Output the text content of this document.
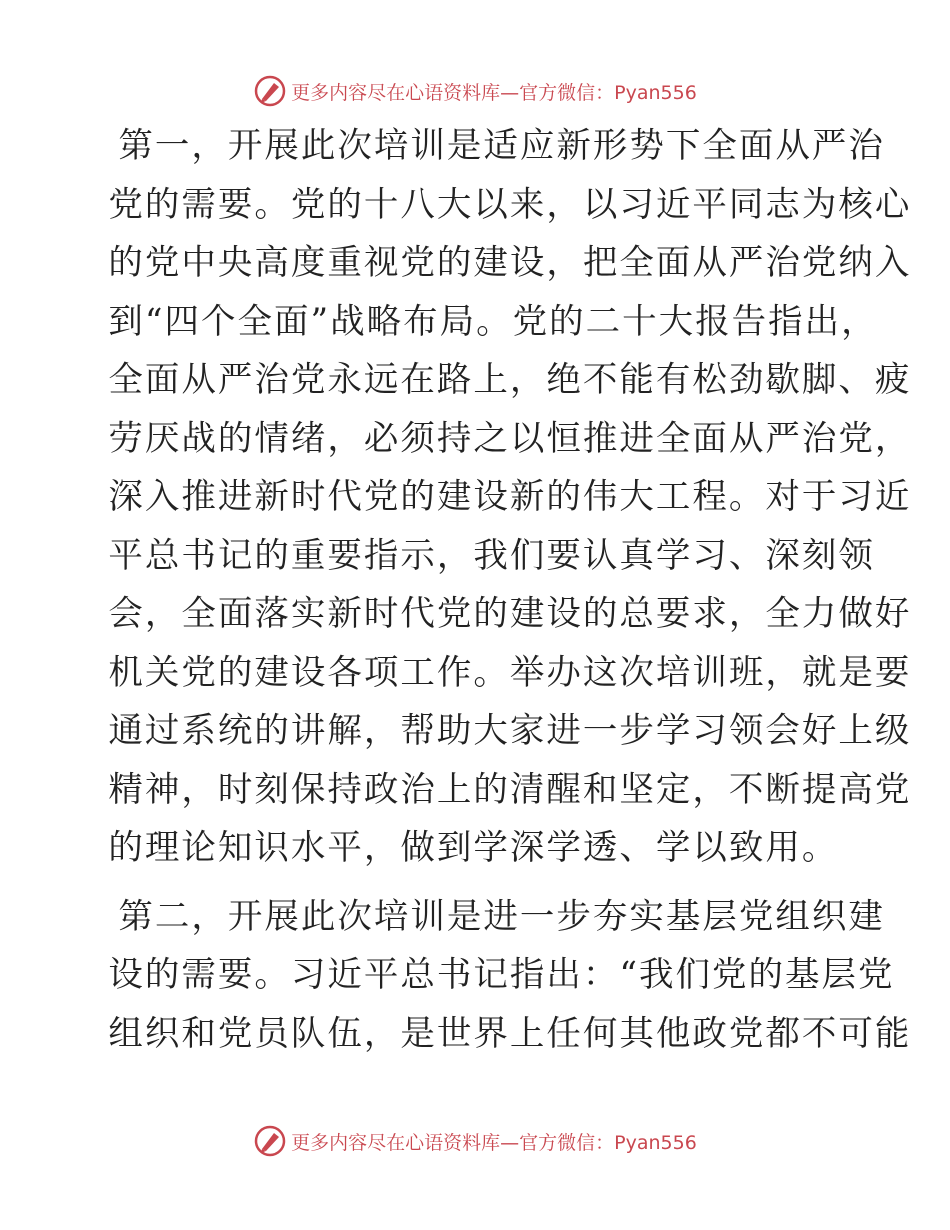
更多内容尽在心语资料库—官方微信：Pyan556

第一，开展此次培训是适应新形势下全面从严治
党的需要。党的十八大以来，以习近平同志为核心
的党中央高度重视党的建设，把全面从严治党纳入
到“四个全面”战略布局。党的二十大报告指出，
全面从严治党永远在路上，绝不能有松劲歇脚、疲
劳厌战的情绪，必须持之以恒推进全面从严治党，
深入推进新时代党的建设新的伟大工程。对于习近
平总书记的重要指示，我们要认真学习、深刻领
会，全面落实新时代党的建设的总要求，全力做好
机关党的建设各项工作。举办这次培训班，就是要
通过系统的讲解，帮助大家进一步学习领会好上级
精神，时刻保持政治上的清醒和坚定，不断提高党
的理论知识水平，做到学深学透、学以致用。

第二，开展此次培训是进一步夯实基层党组织建
设的需要。习近平总书记指出：“我们党的基层党
组织和党员队伍，是世界上任何其他政党都不可能

更多内容尽在心语资料库—官方微信：Pyan556
